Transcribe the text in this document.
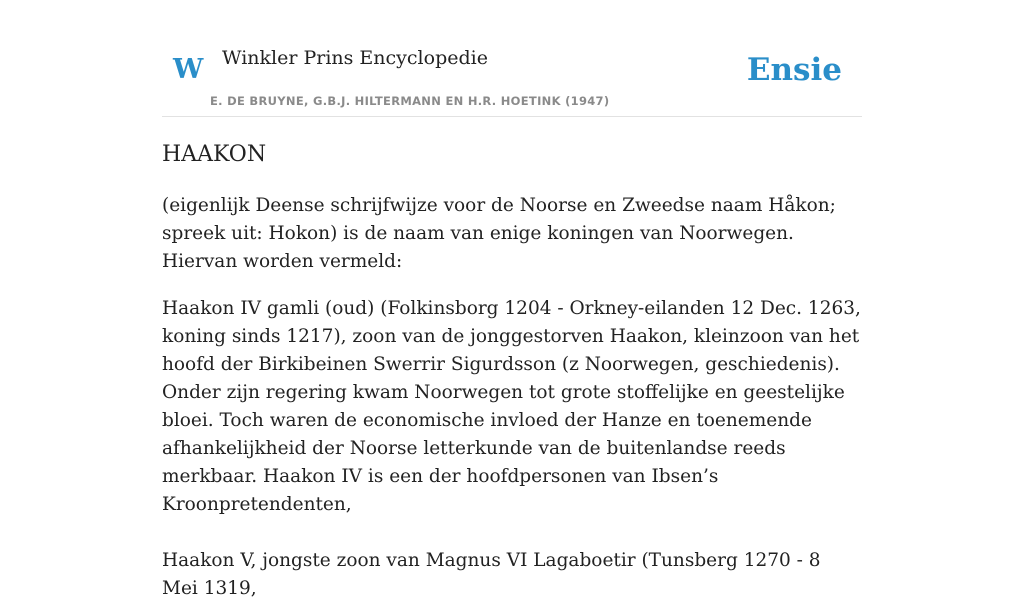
W Winkler Prins Encyclopedie
E. DE BRUYNE, G.B.J. HILTERMANN EN H.R. HOETINK (1947)
Ensie
HAAKON

(eigenlijk Deense schrijfwijze voor de Noorse en Zweedse naam Håkon; spreek uit: Hokon) is de naam van enige koningen van Noorwegen. Hiervan worden vermeld:

Haakon IV gamli (oud) (Folkinsborg 1204 - Orkney-eilanden 12 Dec. 1263, koning sinds 1217), zoon van de jonggestorven Haakon, kleinzoon van het hoofd der Birkibeinen Swerrir Sigurdsson (z Noorwegen, geschiedenis). Onder zijn regering kwam Noorwegen tot grote stoffelijke en geestelijke bloei. Toch waren de economische invloed der Hanze en toenemende afhankelijkheid der Noorse letterkunde van de buitenlandse reeds merkbaar. Haakon IV is een der hoofdpersonen van Ibsen’s Kroonpretendenten,

Haakon V, jongste zoon van Magnus VI Lagaboetir (Tunsberg 1270 - 8 Mei 1319,
